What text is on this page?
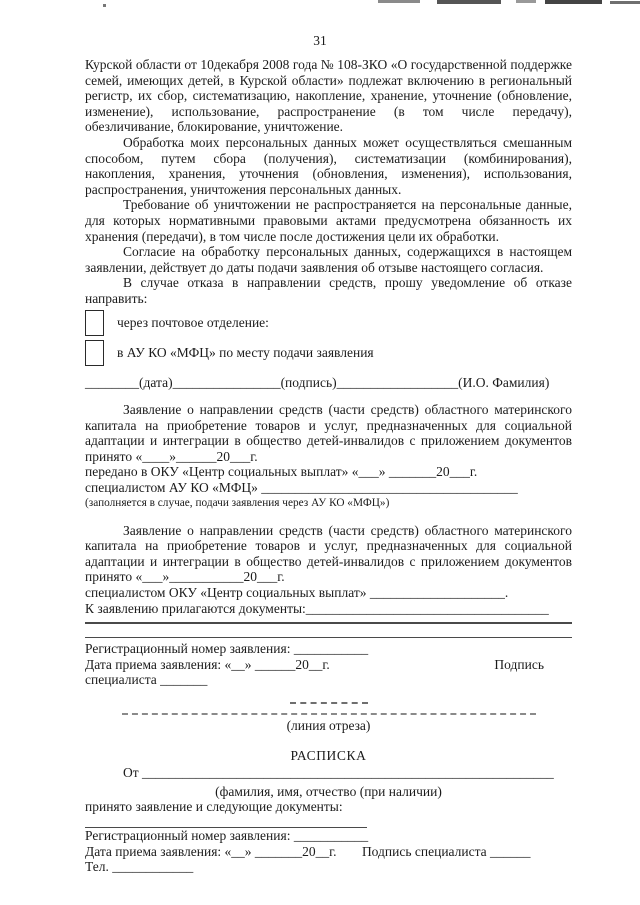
31

Курской области от 10декабря 2008 года № 108-ЗКО «О государственной поддержке семей, имеющих детей, в Курской области» подлежат включению в региональный регистр, их сбор, систематизацию, накопление, хранение, уточнение (обновление, изменение), использование, распространение (в том числе передачу), обезличивание, блокирование, уничтожение.

Обработка моих персональных данных может осуществляться смешанным способом, путем сбора (получения), систематизации (комбинирования), накопления, хранения, уточнения (обновления, изменения), использования, распространения, уничтожения персональных данных.

Требование об уничтожении не распространяется на персональные данные, для которых нормативными правовыми актами предусмотрена обязанность их хранения (передачи), в том числе после достижения цели их обработки.

Согласие на обработку персональных данных, содержащихся в настоящем заявлении, действует до даты подачи заявления об отзыве настоящего согласия.

В случае отказа в направлении средств, прошу уведомление об отказе направить:

через почтовое отделение:
в АУ КО «МФЦ» по месту подачи заявления
________(дата)________________(подпись)__________________(И.О. Фамилия)

Заявление о направлении средств (части средств) областного материнского капитала на приобретение товаров и услуг, предназначенных для социальной адаптации и интеграции в общество детей-инвалидов с приложением документов принято «____»______20___г.

передано в ОКУ «Центр социальных выплат» «___» _______20___г.
специалистом АУ КО «МФЦ» ______________________________________
(заполняется в случае, подачи заявления через АУ КО «МФЦ»)

Заявление о направлении средств (части средств) областного материнского капитала на приобретение товаров и услуг, предназначенных для социальной адаптации и интеграции в общество детей-инвалидов с приложением документов принято «___»___________20___г.

специалистом ОКУ «Центр социальных выплат» ____________________.
К заявлению прилагаются документы:____________________________________
Регистрационный номер заявления: ___________
Дата приема заявления: «__» ______20__г.	Подпись
специалиста _______
(линия отреза)
РАСПИСКА
От _____________________________________________________________
(фамилия, имя, отчество (при наличии)
принято заявление и следующие документы:
Регистрационный номер заявления: ___________
Дата приема заявления: «__» _______20__г. Подпись специалиста ______
Тел. ____________
